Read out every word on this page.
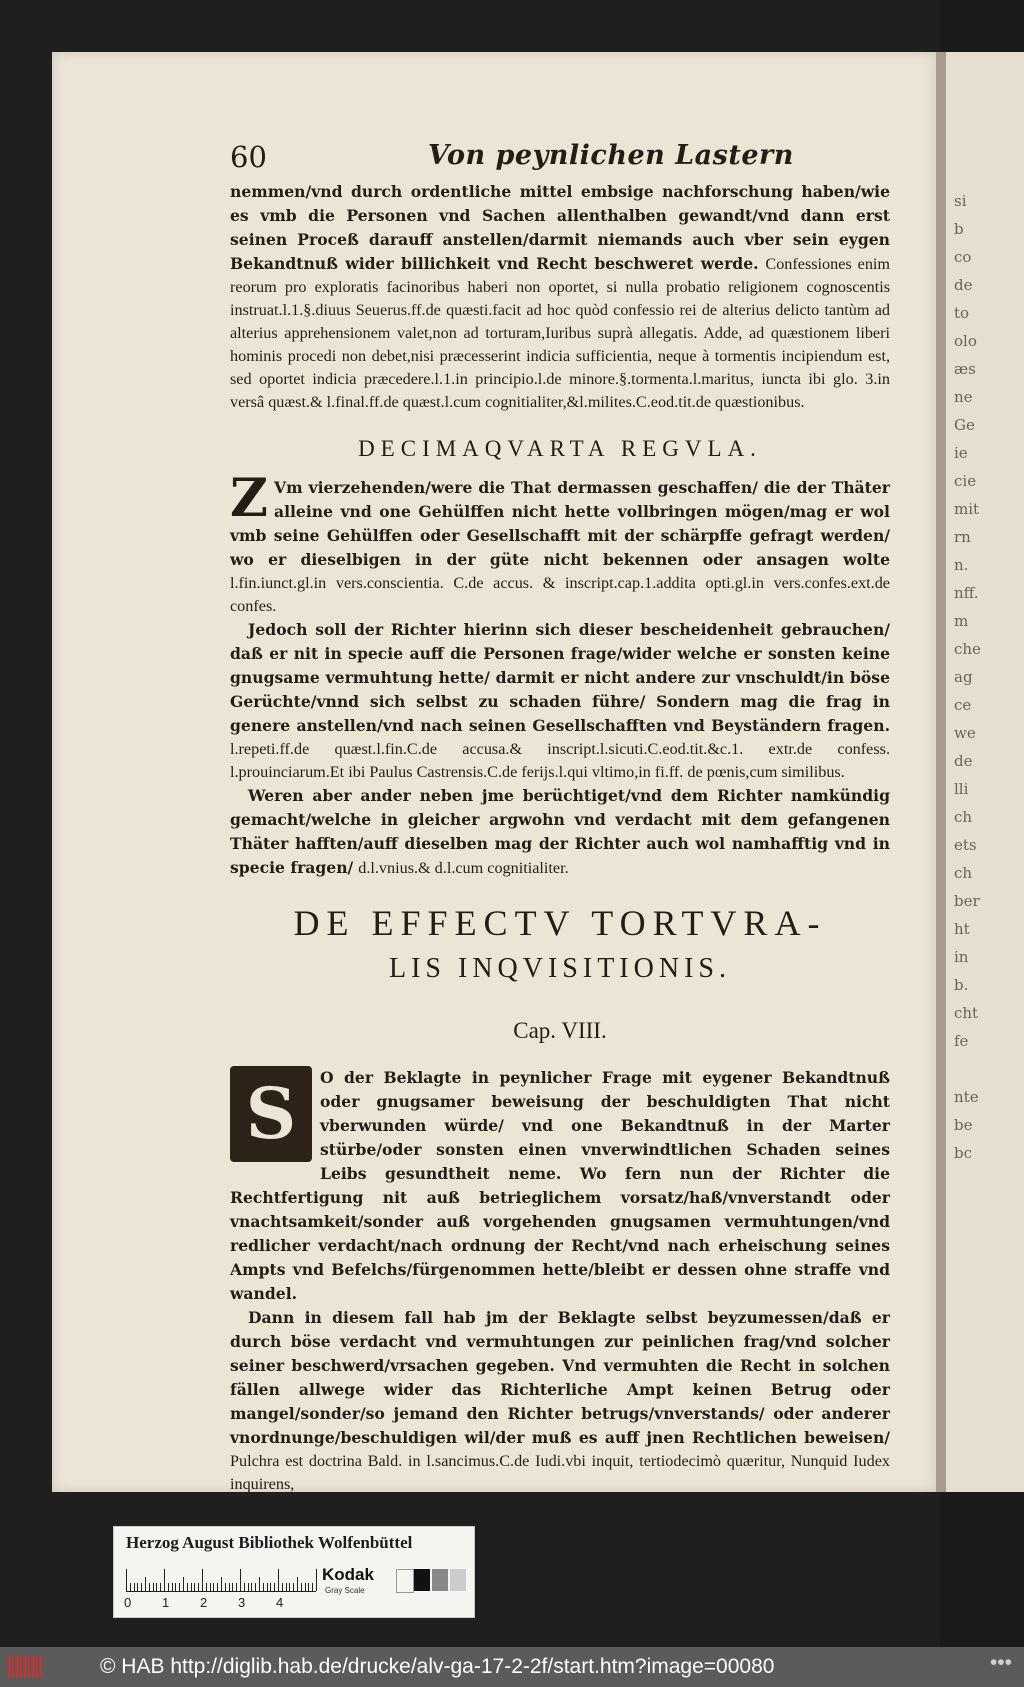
si
b
co
de
to
olo
æs
ne
Ge
ie
cie
mit
rn
n.
nff.
m
che
ag
ce
we
de
lli
ch
ets
ch
ber
ht
in
b.
cht
fe
nte
be
bc
60	Von peynlichen Lastern

nemmen/vnd durch ordentliche mittel embsige nachforschung haben/wie es vmb die Personen vnd Sachen allenthalben gewandt/vnd dann erst seinen Proceß darauff anstellen/darmit niemands auch vber sein eygen Bekandtnuß wider billichkeit vnd Recht beschweret werde. Confessiones enim reorum pro exploratis facinoribus haberi non oportet, si nulla probatio religionem cognoscentis instruat.l.1.§.diuus Seuerus.ff.de quæsti.facit ad hoc quòd confessio rei de alterius delicto tantùm ad alterius apprehensionem valet,non ad torturam,Iuribus suprà allegatis. Adde, ad quæstionem liberi hominis procedi non debet,nisi præcesserint indicia sufficientia, neque à tormentis incipiendum est, sed oportet indicia præcedere.l.1.in principio.l.de minore.§.tormenta.l.maritus, iuncta ibi glo. 3.in versâ quæst.& l.final.ff.de quæst.l.cum cognitialiter,&l.milites.C.eod.tit.de quæstionibus.

DECIMAQVARTA REGVLA.

Z Vm vierzehenden/were die That dermassen geschaffen/ die der Thäter alleine vnd one Gehülffen nicht hette vollbringen mögen/mag er wol vmb seine Gehülffen oder Gesellschafft mit der schärpffe gefragt werden/ wo er dieselbigen in der güte nicht bekennen oder ansagen wolte l.fin.iunct.gl.in vers.conscientia. C.de accus. & inscript.cap.1.addita opti.gl.in vers.confes.ext.de confes.

Jedoch soll der Richter hierinn sich dieser bescheidenheit gebrauchen/ daß er nit in specie auff die Personen frage/wider welche er sonsten keine gnugsame vermuhtung hette/ darmit er nicht andere zur vnschuldt/in böse Gerüchte/vnnd sich selbst zu schaden führe/ Sondern mag die frag in genere anstellen/vnd nach seinen Gesellschafften vnd Beyständern fragen. l.repeti.ff.de quæst.l.fin.C.de accusa.& inscript.l.sicuti.C.eod.tit.&c.1. extr.de confess. l.prouinciarum.Et ibi Paulus Castrensis.C.de ferijs.l.qui vltimo,in fi.ff. de pœnis,cum similibus.

Weren aber ander neben jme berüchtiget/vnd dem Richter namkündig gemacht/welche in gleicher argwohn vnd verdacht mit dem gefangenen Thäter hafften/auff dieselben mag der Richter auch wol namhafftig vnd in specie fragen/ d.l.vnius.& d.l.cum cognitialiter.

DE EFFECTV TORTVRA-
LIS INQVISITIONIS.
Cap. VIII.

S	O der Beklagte in peynlicher Frage mit eygener Bekandtnuß oder gnugsamer beweisung der beschuldigten That nicht vberwunden würde/ vnd one Bekandtnuß in der Marter stürbe/oder sonsten einen vnverwindtlichen Schaden seines Leibs gesundtheit neme. Wo fern nun der Richter die Rechtfertigung nit auß betrieglichem vorsatz/haß/vnverstandt oder vnachtsamkeit/sonder auß vorgehenden gnugsamen vermuhtungen/vnd redlicher verdacht/nach ordnung der Recht/vnd nach erheischung seines Ampts vnd Befelchs/fürgenommen hette/bleibt er dessen ohne straffe vnd wandel.

Dann in diesem fall hab jm der Beklagte selbst beyzumessen/daß er durch böse verdacht vnd vermuhtungen zur peinlichen frag/vnd solcher seiner beschwerd/vrsachen gegeben. Vnd vermuhten die Recht in solchen fällen allwege wider das Richterliche Ampt keinen Betrug oder mangel/sonder/so jemand den Richter betrugs/vnverstands/ oder anderer vnordnunge/beschuldigen wil/der muß es auff jnen Rechtlichen beweisen/ Pulchra est doctrina Bald. in l.sancimus.C.de Iudi.vbi inquit, tertiodecimò quæritur, Nunquid Iudex inquirens,

de hoc
Herzog August Bibliothek Wolfenbüttel
0 1 2 3 4
Kodak
Gray Scale
© HAB http://diglib.hab.de/drucke/alv-ga-17-2-2f/start.htm?image=00080	•••
